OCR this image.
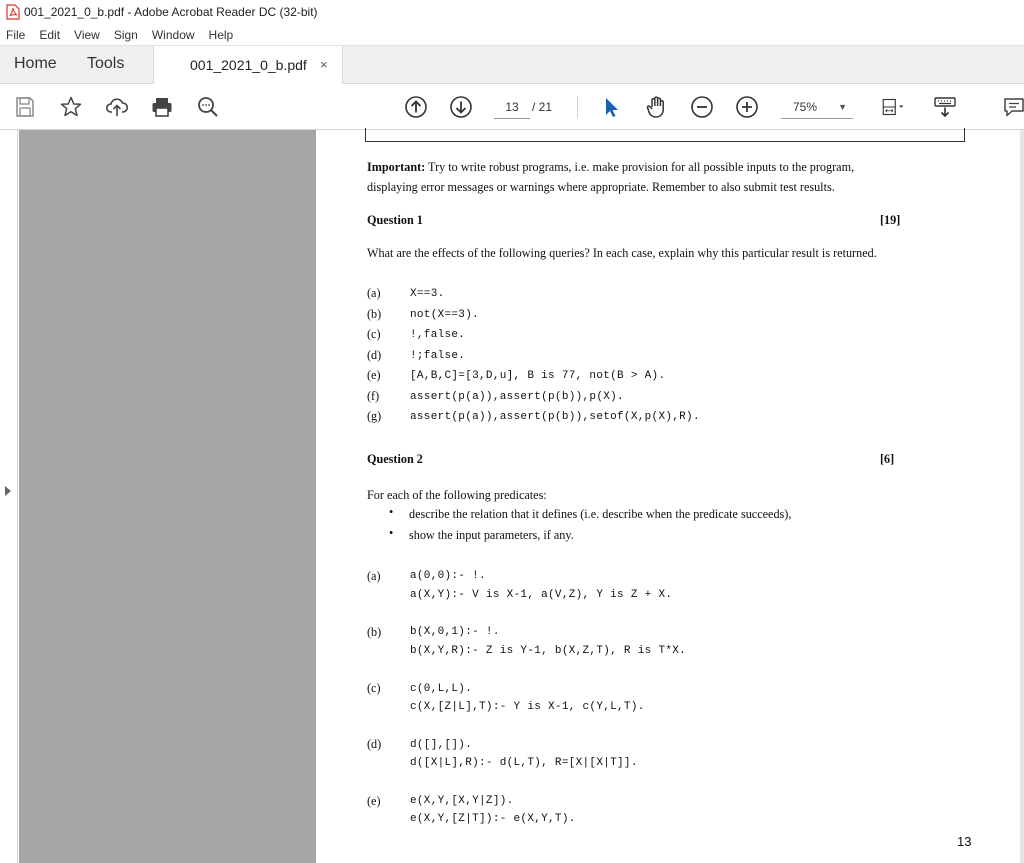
001_2021_0_b.pdf - Adobe Acrobat Reader DC (32-bit)
File Edit View Sign Window Help
Home Tools	001_2021_0_b.pdf ×
13	/ 21	75% ▼
Important: Try to write robust programs, i.e. make provision for all possible inputs to the program,
displaying error messages or warnings where appropriate. Remember to also submit test results.
Question 1	[19]
What are the effects of the following queries? In each case, explain why this particular result is returned.
(a)	X==3.
(b)	not(X==3).
(c)	!,false.
(d)	!;false.
(e)	[A,B,C]=[3,D,u], B is 77, not(B > A).
(f)	assert(p(a)),assert(p(b)),p(X).
(g)	assert(p(a)),assert(p(b)),setof(X,p(X),R).
Question 2	[6]
For each of the following predicates:
• describe the relation that it defines (i.e. describe when the predicate succeeds),
• show the input parameters, if any.
(a)	a(0,0):- !.
a(X,Y):- V is X-1, a(V,Z), Y is Z + X.
(b)	b(X,0,1):- !.
b(X,Y,R):- Z is Y-1, b(X,Z,T), R is T*X.
(c)	c(0,L,L).
c(X,[Z|L],T):- Y is X-1, c(Y,L,T).
(d)	d([],[]).
d([X|L],R):- d(L,T), R=[X|[X|T]].
(e)	e(X,Y,[X,Y|Z]).
e(X,Y,[Z|T]):- e(X,Y,T).
13
